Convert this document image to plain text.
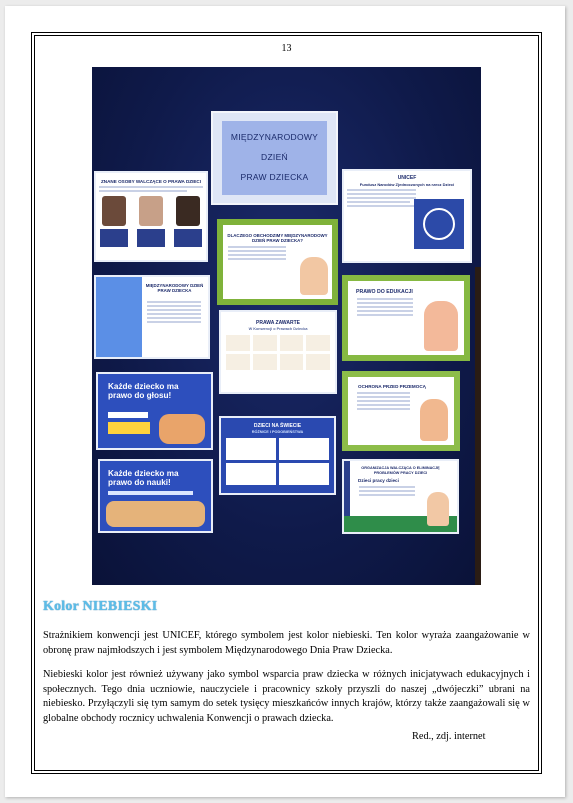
13
MIĘDZYNARODOWY
DZIEŃ
PRAW DZIECKA
ZNANE OSOBY WALCZĄCE O PRAWA DZIECI
UNICEF
Fundusz Narodów Zjednoczonych na rzecz Dzieci
DLACZEGO OBCHODZIMY MIĘDZYNARODOWY DZIEŃ PRAW DZIECKA?
MIĘDZYNARODOWY DZIEŃ PRAW DZIECKA
PRAWA ZAWARTE
W Konwencji o Prawach Dziecka
PRAWO DO EDUKACJI
Każde dziecko ma prawo do głosu!
OCHRONA PRZED PRZEMOCĄ
DZIECI NA ŚWIECIE
RÓŻNICE I PODOBIEŃSTWA
Każde dziecko ma prawo do nauki!
ORGANIZACJA WALCZĄCA O ELIMINACJĘ PROBLEMÓW PRACY DZIECI
Dzieci pracy dzieci
Kolor NIEBIESKI
Strażnikiem konwencji jest UNICEF, którego symbolem jest kolor niebieski. Ten kolor wyraża zaangażowanie w obronę praw najmłodszych i jest symbolem Międzynarodowego Dnia Praw Dziecka.
Niebieski kolor jest również używany jako symbol wsparcia praw dziecka w różnych inicjatywach edukacyjnych i społecznych. Tego dnia uczniowie, nauczyciele i pracownicy szkoły przyszli do naszej „dwójeczki” ubrani na niebiesko. Przyłączyli się tym samym do setek tysięcy mieszkańców innych krajów, którzy także zaangażowali się w globalne obchody rocznicy uchwalenia Konwencji o prawach dziecka.
Red., zdj. internet
